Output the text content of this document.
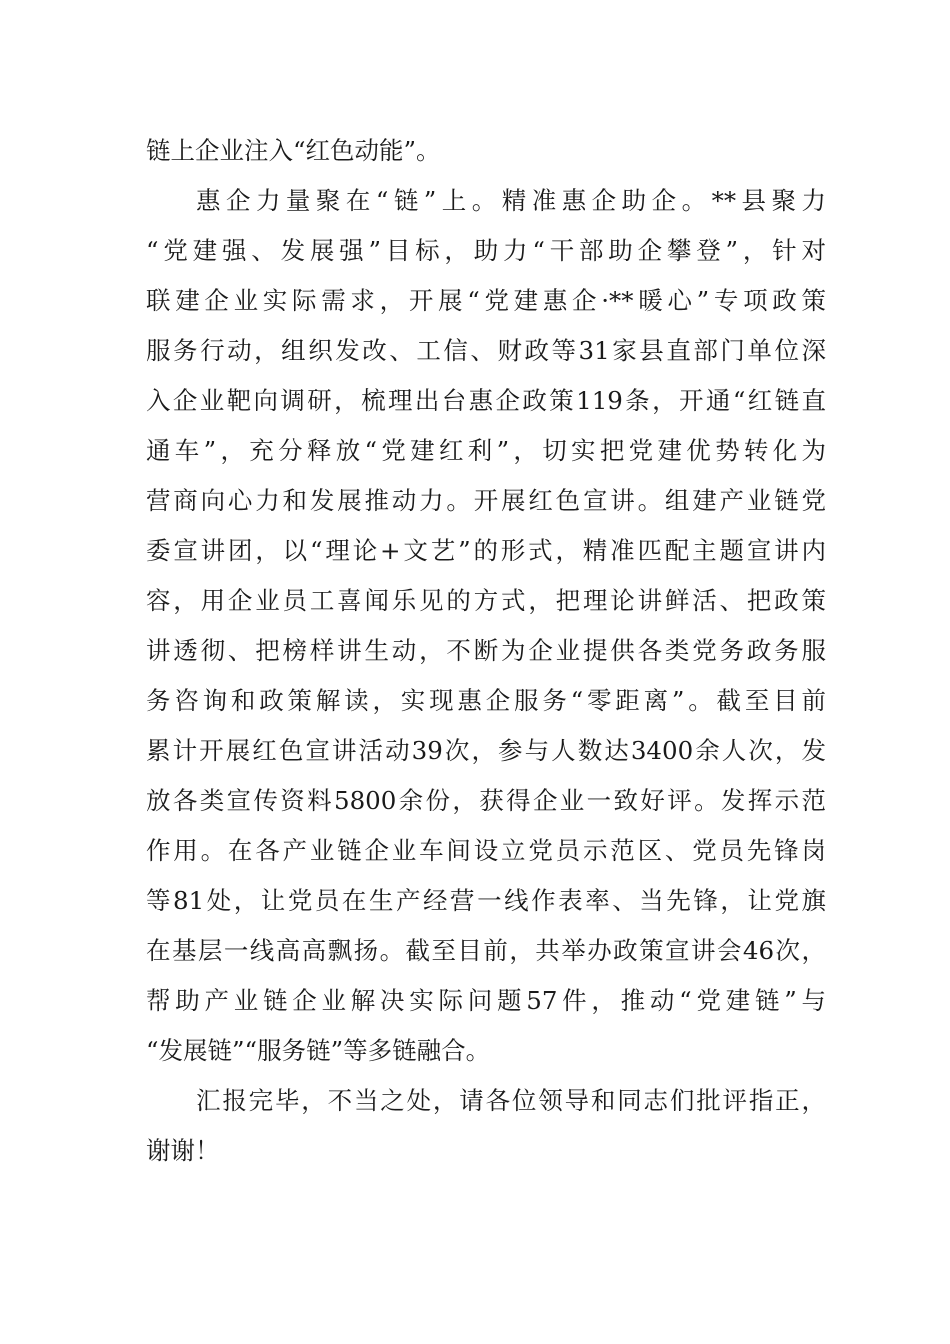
链上企业注入“红色动能”。
惠企力量聚在“链”上。精准惠企助企。**县聚力
“党建强、发展强”目标，助力“干部助企攀登”，针对
联建企业实际需求，开展“党建惠企·**暖心”专项政策
服务行动，组织发改、工信、财政等31家县直部门单位深
入企业靶向调研，梳理出台惠企政策119条，开通“红链直
通车”，充分释放“党建红利”，切实把党建优势转化为
营商向心力和发展推动力。开展红色宣讲。组建产业链党
委宣讲团，以“理论+文艺”的形式，精准匹配主题宣讲内
容，用企业员工喜闻乐见的方式，把理论讲鲜活、把政策
讲透彻、把榜样讲生动，不断为企业提供各类党务政务服
务咨询和政策解读，实现惠企服务“零距离”。截至目前
累计开展红色宣讲活动39次，参与人数达3400余人次，发
放各类宣传资料5800余份，获得企业一致好评。发挥示范
作用。在各产业链企业车间设立党员示范区、党员先锋岗
等81处，让党员在生产经营一线作表率、当先锋，让党旗
在基层一线高高飘扬。截至目前，共举办政策宣讲会46次，
帮助产业链企业解决实际问题57件，推动“党建链”与
“发展链”“服务链”等多链融合。
汇报完毕，不当之处，请各位领导和同志们批评指正，
谢谢！
